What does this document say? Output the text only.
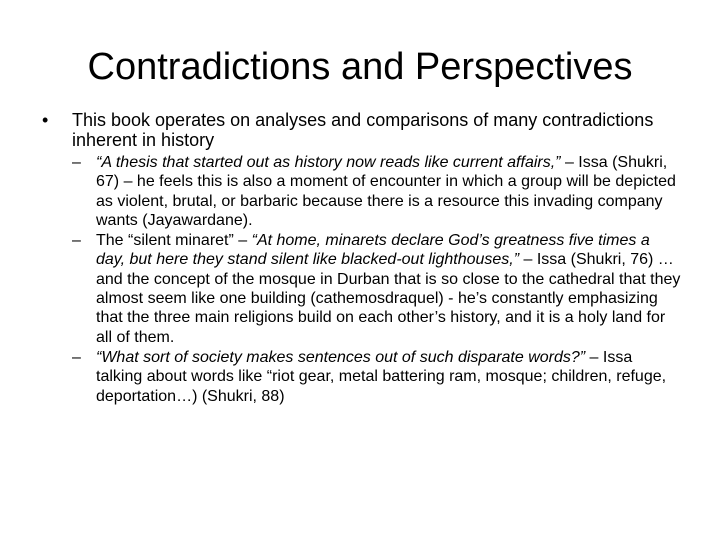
Contradictions and Perspectives
• This book operates on analyses and comparisons of many contradictions inherent in history
– “A thesis that started out as history now reads like current affairs,” – Issa (Shukri, 67) – he feels this is also a moment of encounter in which a group will be depicted as violent, brutal, or barbaric because there is a resource this invading company wants (Jayawardane).
– The “silent minaret” – “At home, minarets declare God’s greatness five times a day, but here they stand silent like blacked-out lighthouses,” – Issa (Shukri, 76) … and the concept of the mosque in Durban that is so close to the cathedral that they almost seem like one building (cathemosdraquel) - he’s constantly emphasizing that the three main religions build on each other’s history, and it is a holy land for all of them.
– “What sort of society makes sentences out of such disparate words?” – Issa talking about words like “riot gear, metal battering ram, mosque; children, refuge, deportation…) (Shukri, 88)
